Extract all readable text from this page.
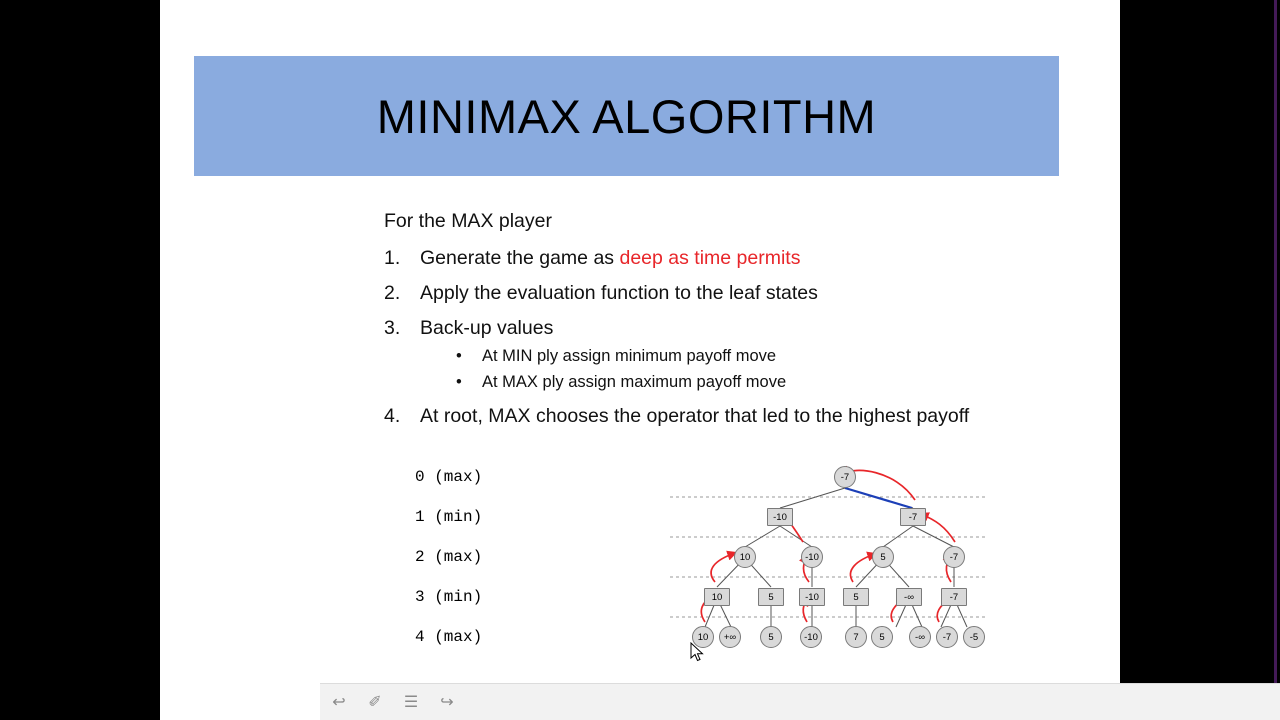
MINIMAX ALGORITHM
For the MAX player
1. Generate the game as deep as time permits
2. Apply the evaluation function to the leaf states
3. Back-up values
• At MIN ply assign minimum payoff move
• At MAX ply assign maximum payoff move
4. At root, MAX chooses the operator that led to the highest payoff
0 (max)
1 (min)
2 (max)
3 (min)
4 (max)
-7
-10	-7
10	-10	5	-7
10	5	-10	5	-∞	-7
10	+∞	5	-10	7	5	-∞	-7	-5
↩ ✐ ☰ ↪
